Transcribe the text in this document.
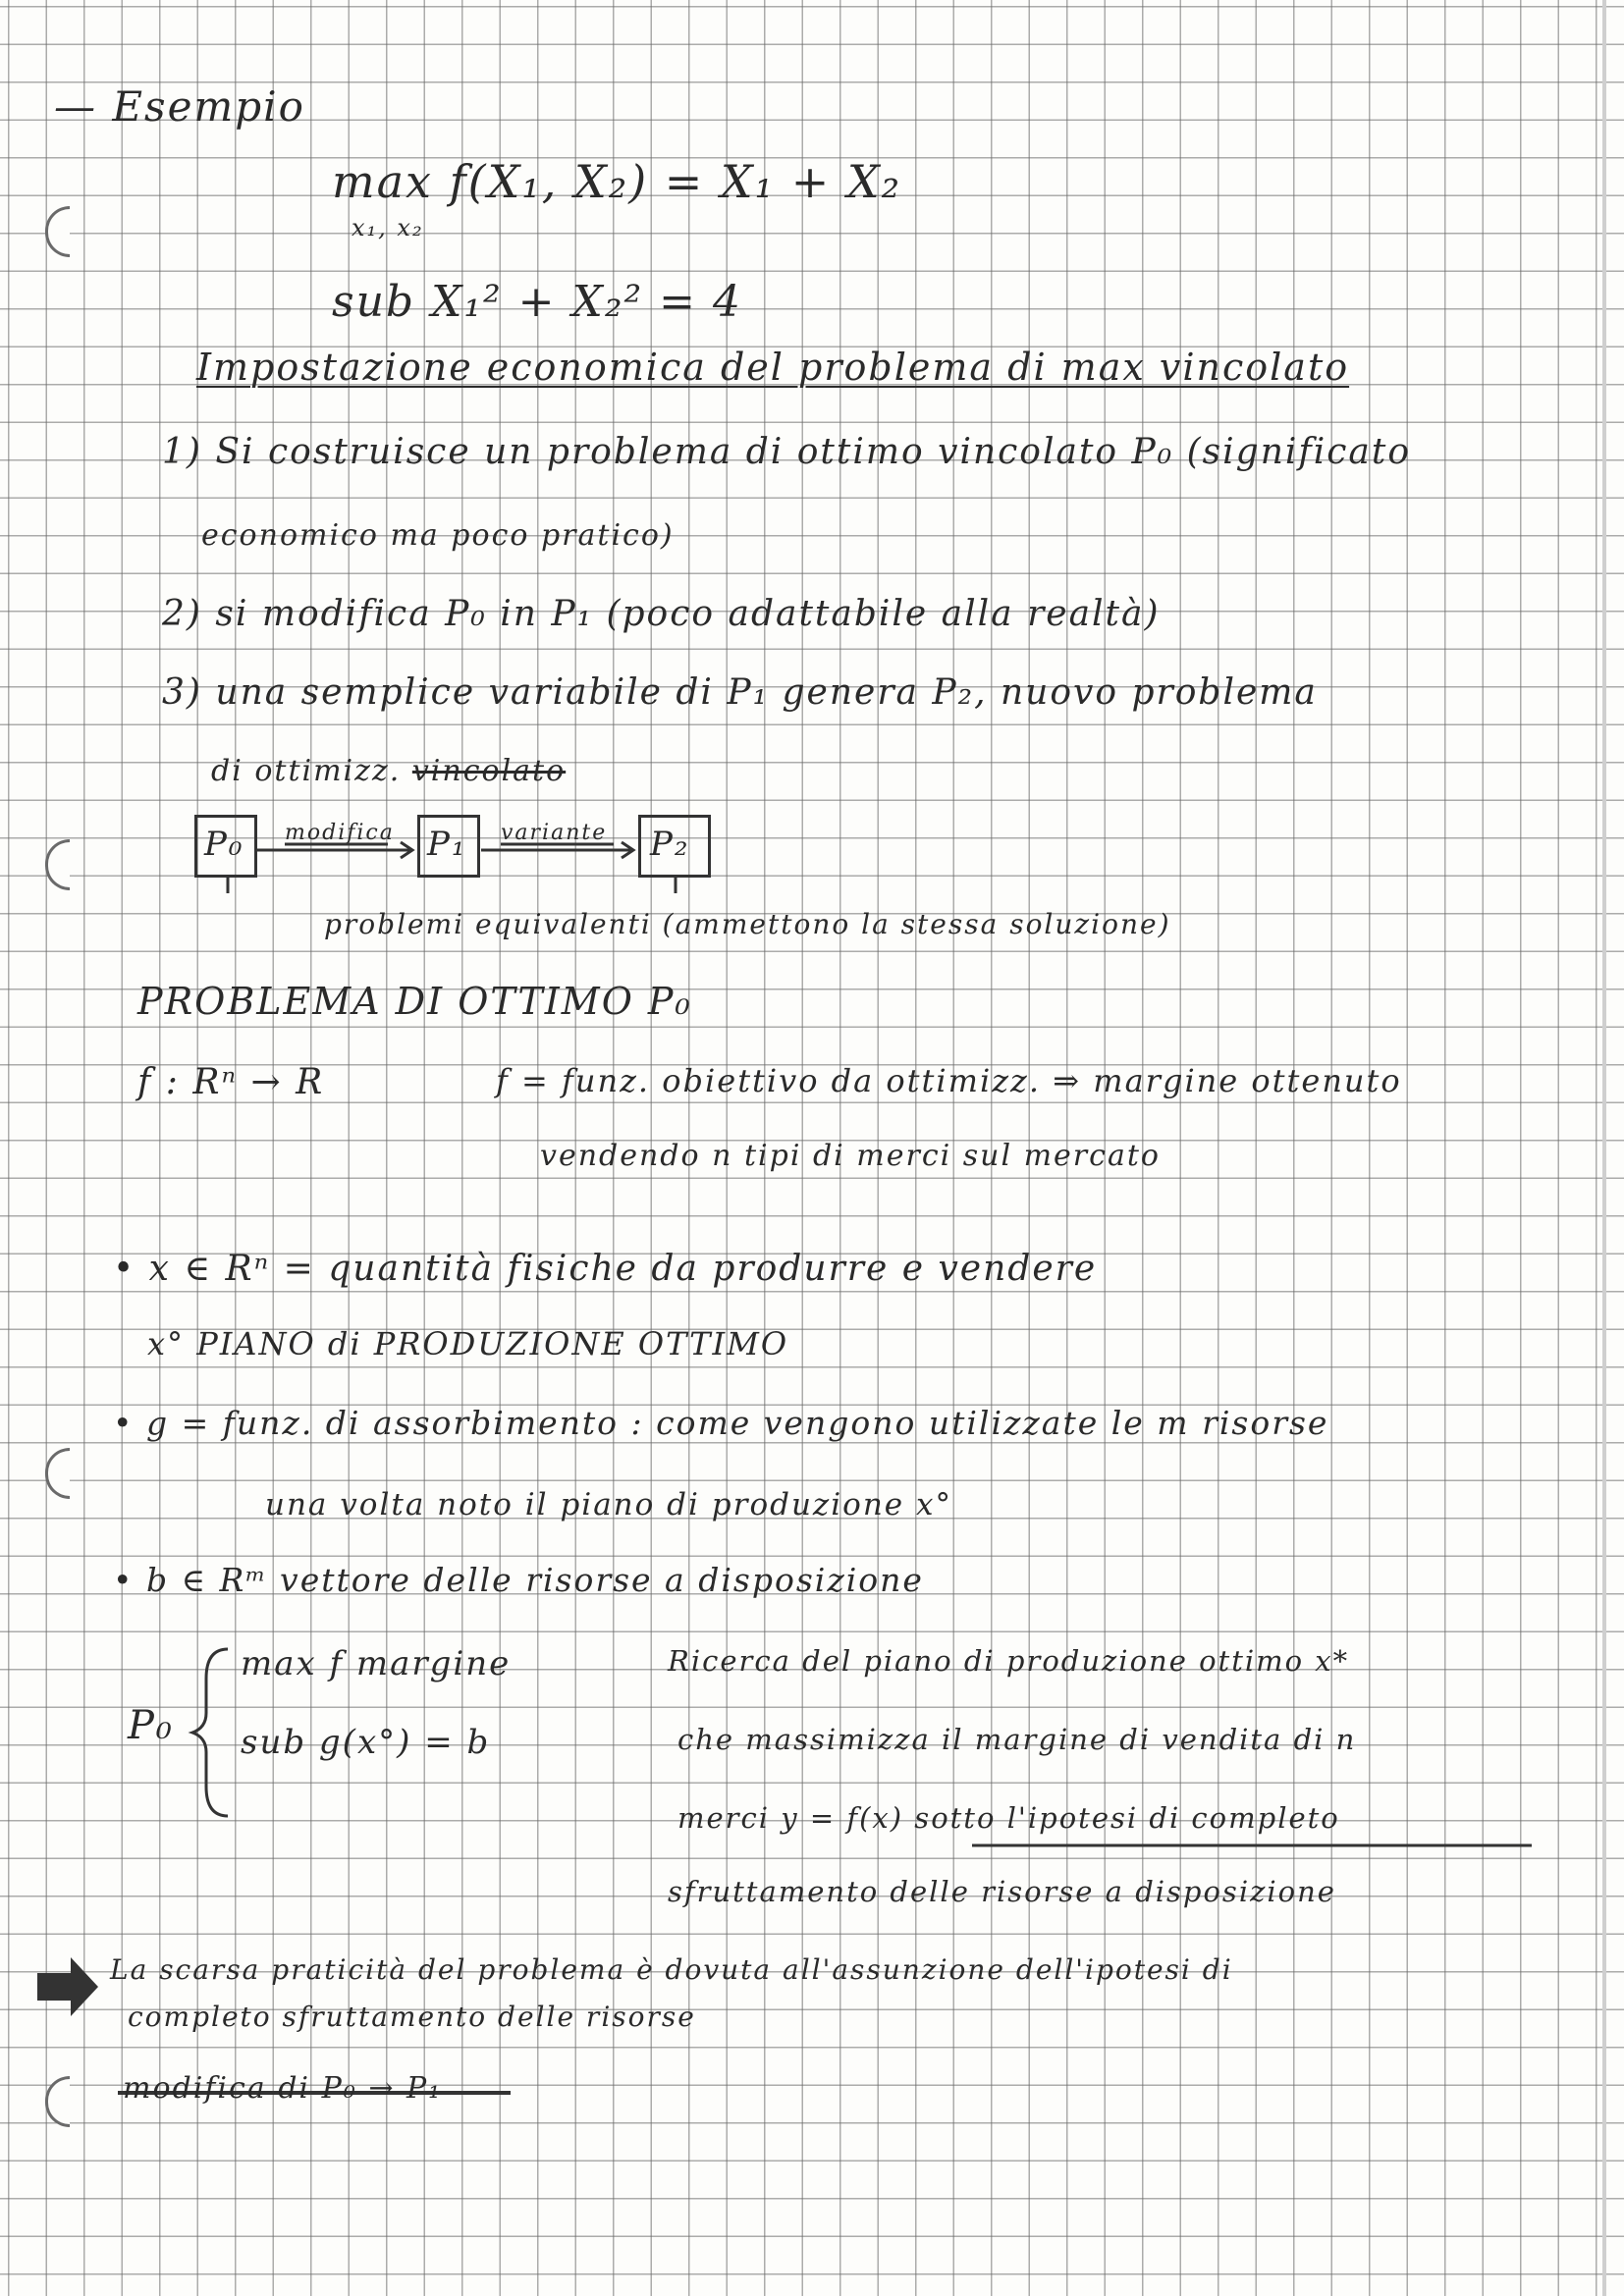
— Esempio
max f(X₁, X₂) = X₁ + X₂
x₁, x₂
sub X₁² + X₂² = 4
Impostazione economica del problema di max vincolato
1) Si costruisce un problema di ottimo vincolato P₀ (significato
economico ma poco pratico)
2) si modifica P₀ in P₁ (poco adattabile alla realtà)
3) una semplice variabile di P₁ genera P₂, nuovo problema
di ottimizz. vincolato
P₀ modifica P₁ variante P₂
problemi equivalenti (ammettono la stessa soluzione)
PROBLEMA DI OTTIMO P₀
f : Rⁿ → R	f = funz. obiettivo da ottimizz. ⇒ margine ottenuto
vendendo n tipi di merci sul mercato
• x ∈ Rⁿ = quantità fisiche da produrre e vendere
x° PIANO di PRODUZIONE OTTIMO
• g = funz. di assorbimento : come vengono utilizzate le m risorse
una volta noto il piano di produzione x°
• b ∈ Rᵐ vettore delle risorse a disposizione
P₀
max f margine
sub g(x°) = b
Ricerca del piano di produzione ottimo x*
che massimizza il margine di vendita di n
merci y = f(x) sotto l'ipotesi di completo
sfruttamento delle risorse a disposizione
La scarsa praticità del problema è dovuta all'assunzione dell'ipotesi di
completo sfruttamento delle risorse
modifica di P₀ → P₁
